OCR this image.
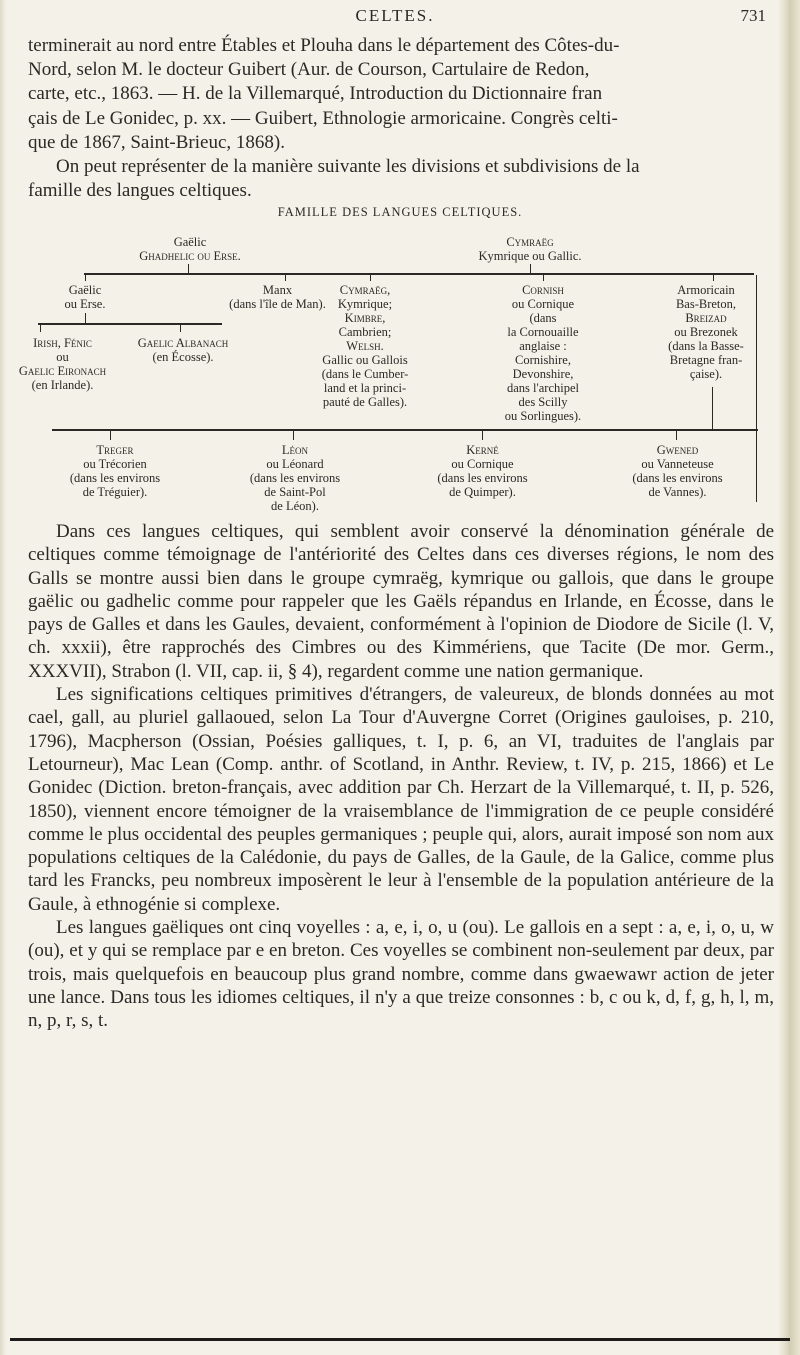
CELTES.	731

terminerait au nord entre Étables et Plouha dans le département des Côtes-du-

Nord, selon M. le docteur Guibert (Aur. de Courson, Cartulaire de Redon,

carte, etc., 1863. — H. de la Villemarqué, Introduction du Dictionnaire fran

çais de Le Gonidec, p. xx. — Guibert, Ethnologie armoricaine. Congrès celti-

que de 1867, Saint-Brieuc, 1868).

On peut représenter de la manière suivante les divisions et subdivisions de la

famille des langues celtiques.

FAMILLE DES LANGUES CELTIQUES.
Gaëlic
Ghadhelic ou Erse.
Cymraëg
Kymrique ou Gallic.
Gaëlic
ou Erse.
Manx
(dans l'île de Man).
Irish, Fénic
ou
Gaelic Eironach
(en Irlande).
Gaelic Albanach
(en Écosse).
Cymraëg,
Kymrique;
Kimbre,
Cambrien;
Welsh.
Gallic ou Gallois
(dans le Cumber-
land et la princi-
pauté de Galles).
Cornish
ou Cornique
(dans
la Cornouaille
anglaise :
Cornishire,
Devonshire,
dans l'archipel
des Scilly
ou Sorlingues).
Armoricain
Bas-Breton,
Breizad
ou Brezonek
(dans la Basse-
Bretagne fran-
çaise).
Treger
ou Trécorien
(dans les environs
de Tréguier).
Léon
ou Léonard
(dans les environs
de Saint-Pol
de Léon).
Kerné
ou Cornique
(dans les environs
de Quimper).
Gwened
ou Vanneteuse
(dans les environs
de Vannes).

Dans ces langues celtiques, qui semblent avoir conservé la dénomination générale de celtiques comme témoignage de l'antériorité des Celtes dans ces diverses régions, le nom des Galls se montre aussi bien dans le groupe cymraëg, kymrique ou gallois, que dans le groupe gaëlic ou gadhelic comme pour rappeler que les Gaëls répandus en Irlande, en Écosse, dans le pays de Galles et dans les Gaules, devaient, conformément à l'opinion de Diodore de Sicile (l. V, ch. xxxii), être rapprochés des Cimbres ou des Kimmériens, que Tacite (De mor. Germ., XXXVII), Strabon (l. VII, cap. ii, § 4), regardent comme une nation germanique.

Les significations celtiques primitives d'étrangers, de valeureux, de blonds données au mot cael, gall, au pluriel gallaoued, selon La Tour d'Auvergne Corret (Origines gauloises, p. 210, 1796), Macpherson (Ossian, Poésies galliques, t. I, p. 6, an VI, traduites de l'anglais par Letourneur), Mac Lean (Comp. anthr. of Scotland, in Anthr. Review, t. IV, p. 215, 1866) et Le Gonidec (Diction. breton-français, avec addition par Ch. Herzart de la Villemarqué, t. II, p. 526, 1850), viennent encore témoigner de la vraisemblance de l'immigration de ce peuple considéré comme le plus occidental des peuples germaniques ; peuple qui, alors, aurait imposé son nom aux populations celtiques de la Calédonie, du pays de Galles, de la Gaule, de la Galice, comme plus tard les Francks, peu nombreux imposèrent le leur à l'ensemble de la population antérieure de la Gaule, à ethnogénie si complexe.

Les langues gaëliques ont cinq voyelles : a, e, i, o, u (ou). Le gallois en a sept : a, e, i, o, u, w (ou), et y qui se remplace par e en breton. Ces voyelles se combinent non-seulement par deux, par trois, mais quelquefois en beaucoup plus grand nombre, comme dans gwaewawr action de jeter une lance. Dans tous les idiomes celtiques, il n'y a que treize consonnes : b, c ou k, d, f, g, h, l, m, n, p, r, s, t.
